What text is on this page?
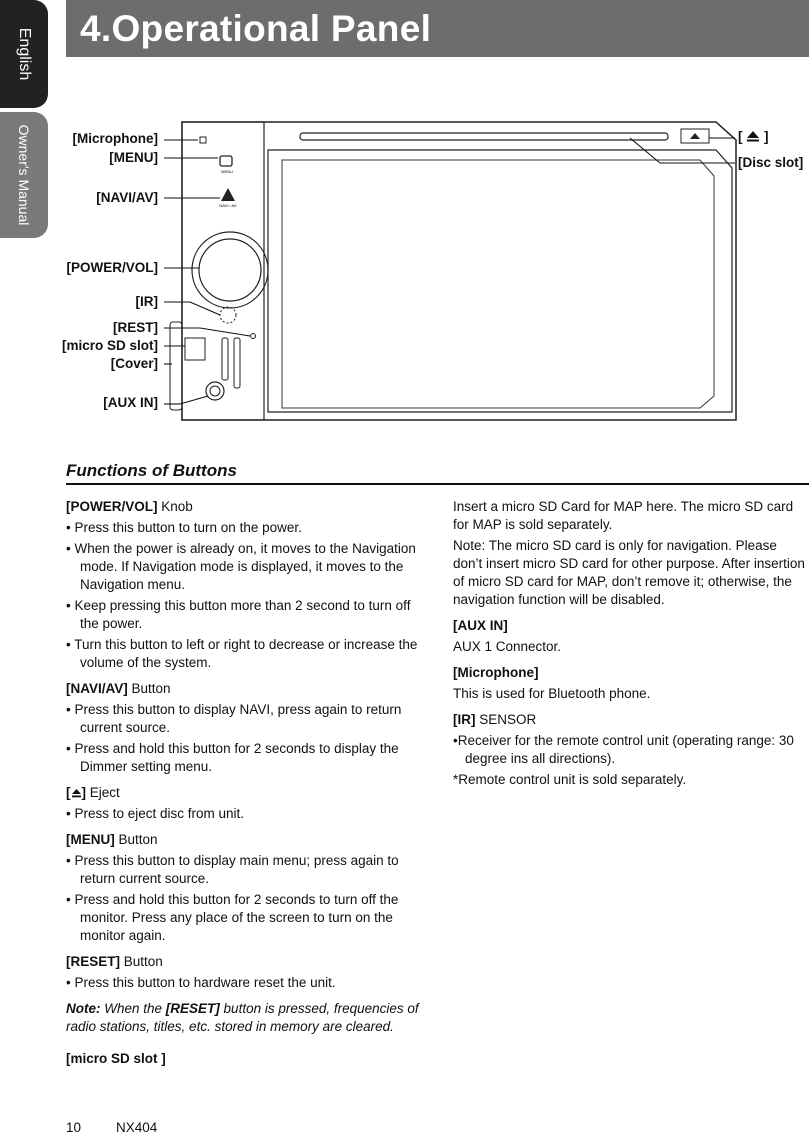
English
Owner's Manual
4.Operational Panel
MENU
NAVI / AV
[Microphone]
[MENU]
[NAVI/AV]
[POWER/VOL]
[IR]
[REST]
[micro SD slot]
[Cover]
[AUX IN]
[ ]
[Disc slot]
Functions of Buttons

[POWER/VOL] Knob

• Press this button to turn on the power.

• When the power is already on, it moves to the Navigation mode. If Navigation mode is displayed, it moves to the Navigation menu.

• Keep pressing this button more than 2 second to turn off the power.

• Turn this button to left or right to decrease or increase the volume of the system.

[NAVI/AV] Button

• Press this button to display NAVI, press again to return current source.

• Press and hold this button for 2 seconds to display the Dimmer setting menu.

[ ] Eject

• Press to eject disc from unit.

[MENU] Button

• Press this button to display main menu; press again to return current source.

• Press and hold this button for 2 seconds to turn off the monitor. Press any place of the screen to turn on the monitor again.

[RESET] Button

• Press this button to hardware reset the unit.

Note: When the [RESET] button is pressed, frequencies of radio stations, titles, etc. stored in memory are cleared.

[micro SD slot ]

Insert a micro SD Card for MAP here. The micro SD card for MAP is sold separately.

Note: The micro SD card is only for navigation. Please don’t insert micro SD card for other purpose. After insertion of micro SD card for MAP, don’t remove it; otherwise, the navigation function will be disabled.

[AUX IN]

AUX 1 Connector.

[Microphone]

This is used for Bluetooth phone.

[IR] SENSOR

•Receiver for the remote control unit (operating range: 30 degree ins all directions).

*Remote control unit is sold separately.

10	NX404
